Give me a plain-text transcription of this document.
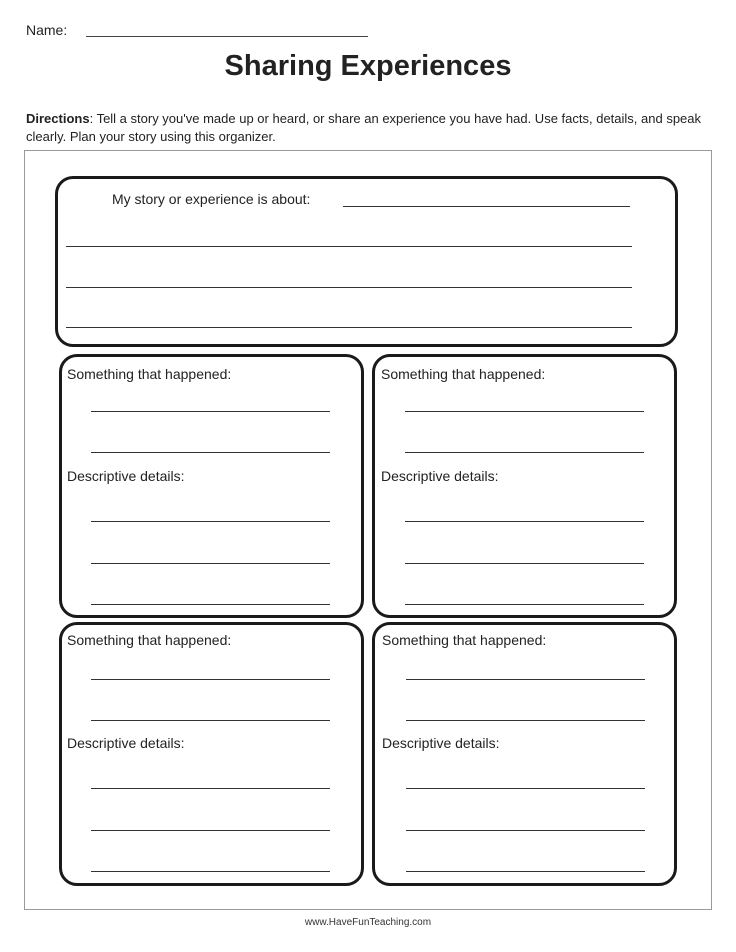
Name:
Sharing Experiences
Directions: Tell a story you've made up or heard, or share an experience you have had. Use facts, details, and speak clearly. Plan your story using this organizer.
My story or experience is about:
Something that happened:
Descriptive details:
Something that happened:
Descriptive details:
Something that happened:
Descriptive details:
Something that happened:
Descriptive details:
www.HaveFunTeaching.com
